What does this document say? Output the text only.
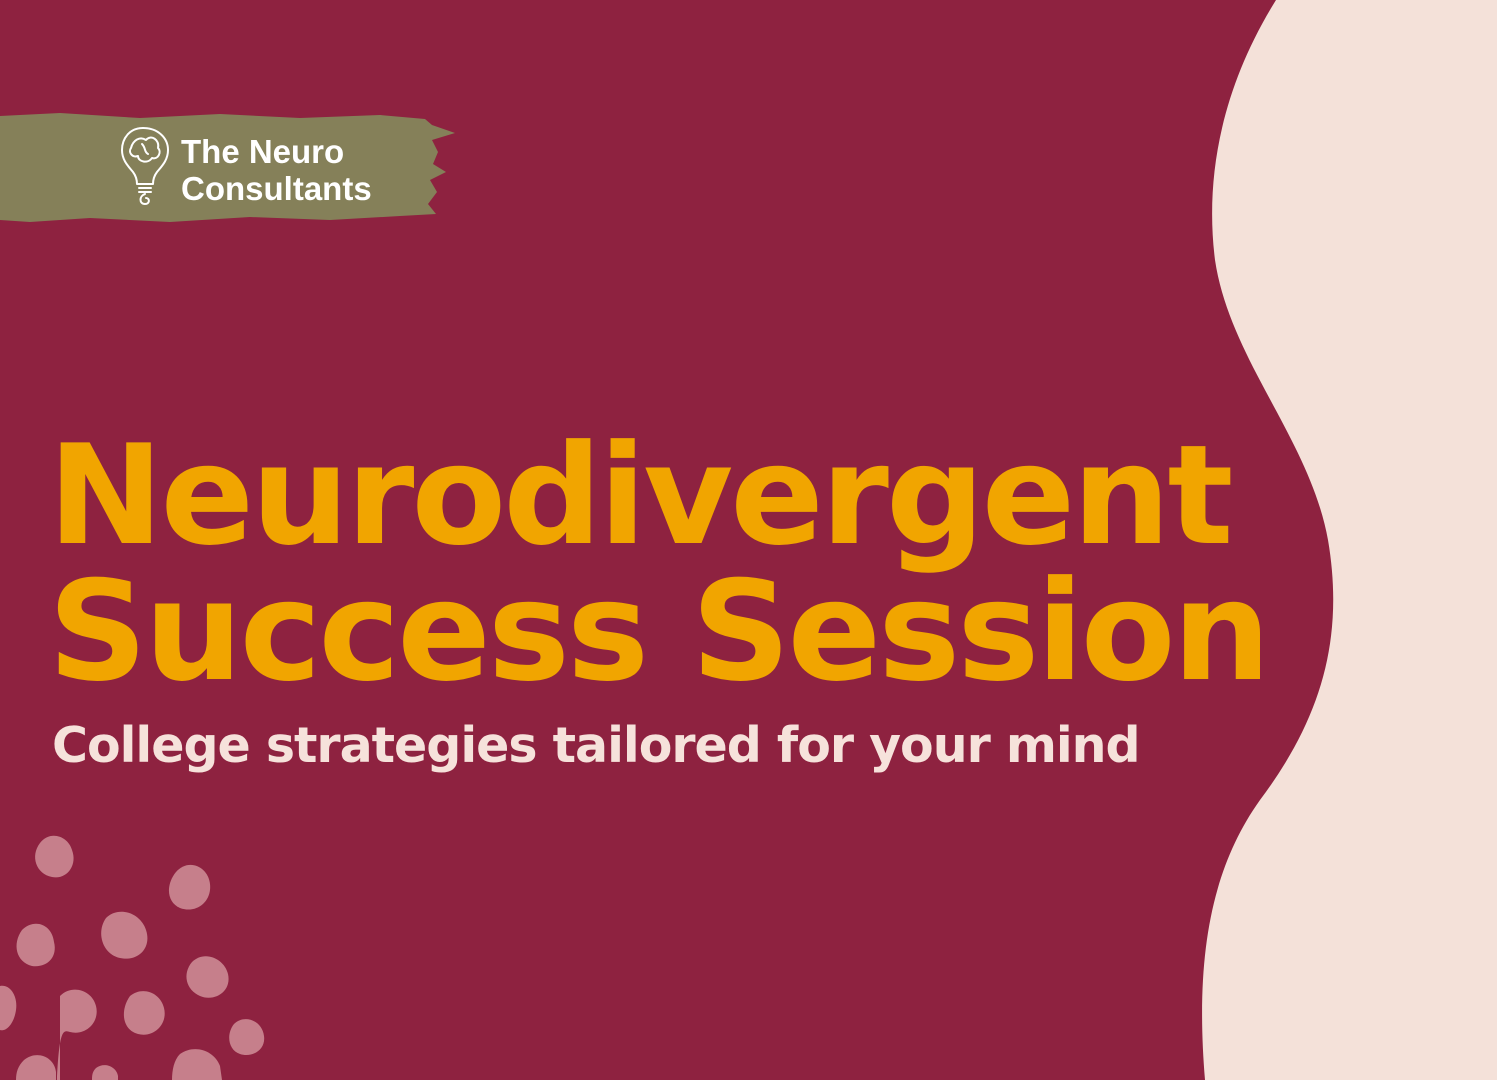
The Neuro
Consultants
Neurodivergent
Success Session
College strategies tailored for your mind
